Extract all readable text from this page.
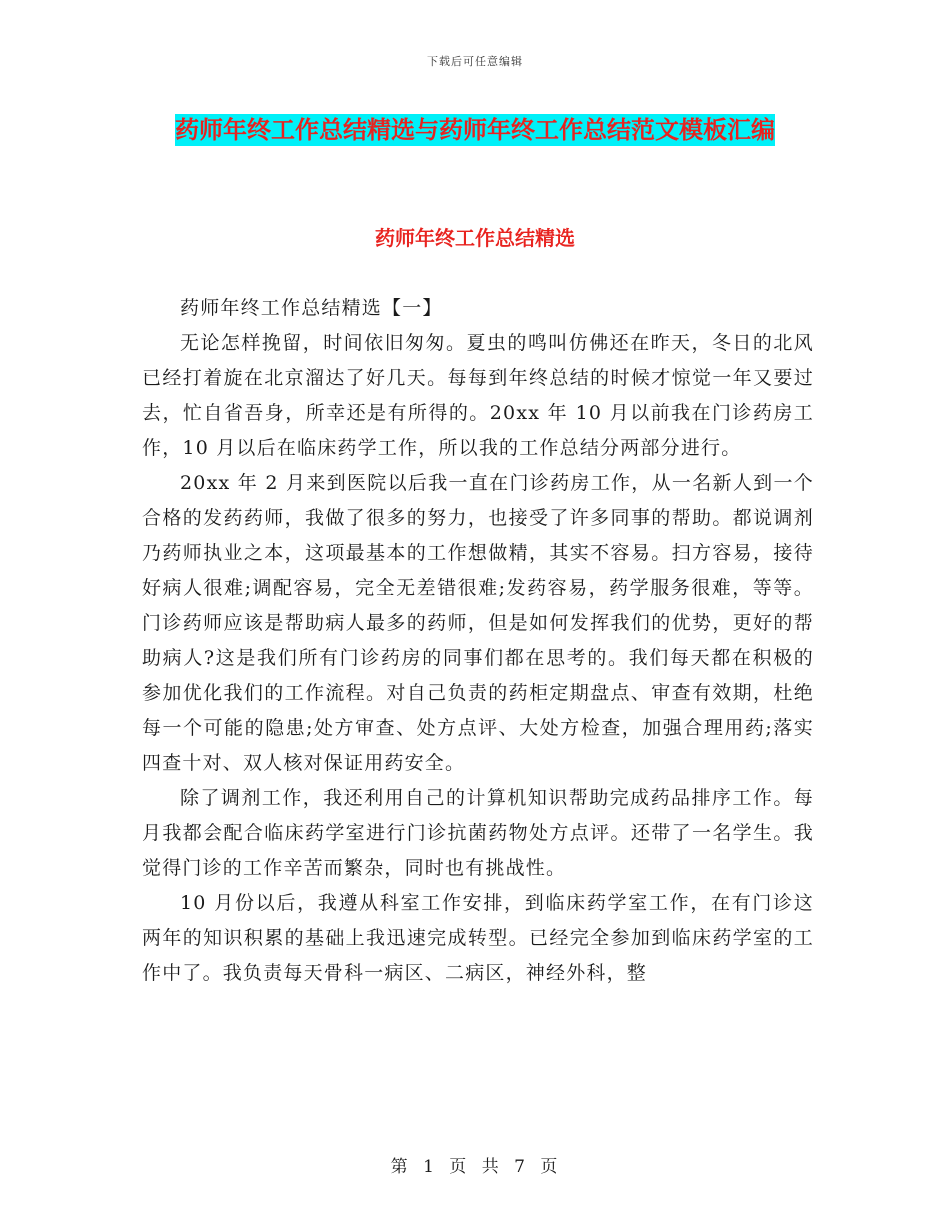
下载后可任意编辑
药师年终工作总结精选与药师年终工作总结范文模板汇编
药师年终工作总结精选

药师年终工作总结精选【一】

无论怎样挽留，时间依旧匆匆。夏虫的鸣叫仿佛还在昨天，冬日的北风已经打着旋在北京溜达了好几天。每每到年终总结的时候才惊觉一年又要过去，忙自省吾身，所幸还是有所得的。20xx 年 10 月以前我在门诊药房工作，10 月以后在临床药学工作，所以我的工作总结分两部分进行。

20xx 年 2 月来到医院以后我一直在门诊药房工作，从一名新人到一个合格的发药药师，我做了很多的努力，也接受了许多同事的帮助。都说调剂乃药师执业之本，这项最基本的工作想做精，其实不容易。扫方容易，接待好病人很难;调配容易，完全无差错很难;发药容易，药学服务很难，等等。门诊药师应该是帮助病人最多的药师，但是如何发挥我们的优势，更好的帮助病人?这是我们所有门诊药房的同事们都在思考的。我们每天都在积极的参加优化我们的工作流程。对自己负责的药柜定期盘点、审查有效期，杜绝每一个可能的隐患;处方审查、处方点评、大处方检查，加强合理用药;落实四查十对、双人核对保证用药安全。

除了调剂工作，我还利用自己的计算机知识帮助完成药品排序工作。每月我都会配合临床药学室进行门诊抗菌药物处方点评。还带了一名学生。我觉得门诊的工作辛苦而繁杂，同时也有挑战性。

10 月份以后，我遵从科室工作安排，到临床药学室工作，在有门诊这两年的知识积累的基础上我迅速完成转型。已经完全参加到临床药学室的工作中了。我负责每天骨科一病区、二病区，神经外科，整

第 1 页 共 7 页
